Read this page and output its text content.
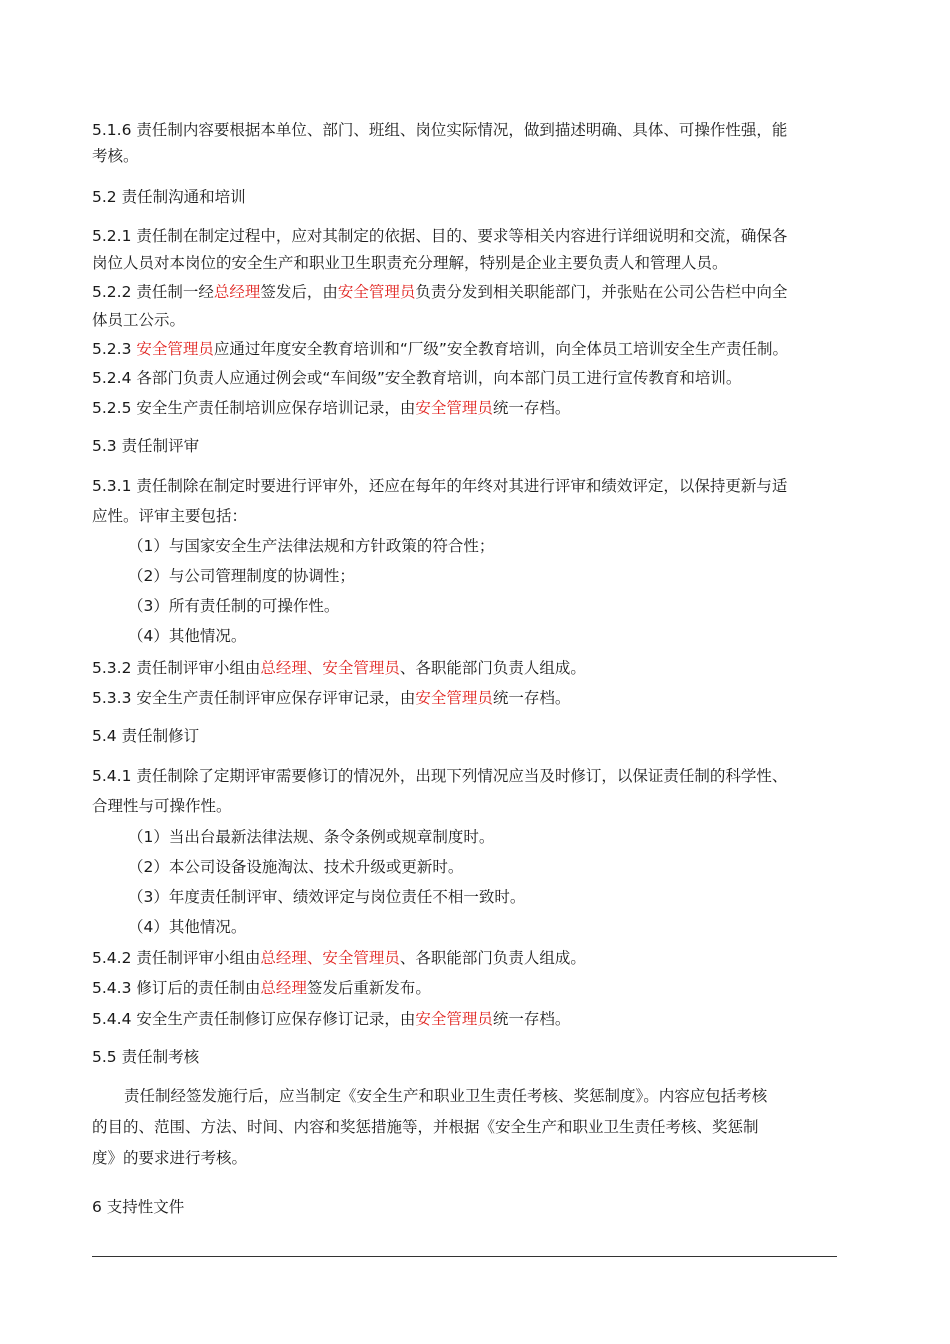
5.1.6 责任制内容要根据本单位、部门、班组、岗位实际情况，做到描述明确、具体、可操作性强，能

考核。

5.2 责任制沟通和培训

5.2.1 责任制在制定过程中，应对其制定的依据、目的、要求等相关内容进行详细说明和交流，确保各

岗位人员对本岗位的安全生产和职业卫生职责充分理解，特别是企业主要负责人和管理人员。

5.2.2 责任制一经总经理签发后，由安全管理员负责分发到相关职能部门，并张贴在公司公告栏中向全

体员工公示。

5.2.3 安全管理员应通过年度安全教育培训和“厂级”安全教育培训，向全体员工培训安全生产责任制。

5.2.4 各部门负责人应通过例会或“车间级”安全教育培训，向本部门员工进行宣传教育和培训。

5.2.5 安全生产责任制培训应保存培训记录，由安全管理员统一存档。

5.3 责任制评审

5.3.1 责任制除在制定时要进行评审外，还应在每年的年终对其进行评审和绩效评定，以保持更新与适

应性。评审主要包括：

（1）与国家安全生产法律法规和方针政策的符合性；

（2）与公司管理制度的协调性；

（3）所有责任制的可操作性。

（4）其他情况。

5.3.2 责任制评审小组由总经理、安全管理员、各职能部门负责人组成。

5.3.3 安全生产责任制评审应保存评审记录，由安全管理员统一存档。

5.4 责任制修订

5.4.1 责任制除了定期评审需要修订的情况外，出现下列情况应当及时修订，以保证责任制的科学性、

合理性与可操作性。

（1）当出台最新法律法规、条令条例或规章制度时。

（2）本公司设备设施淘汰、技术升级或更新时。

（3）年度责任制评审、绩效评定与岗位责任不相一致时。

（4）其他情况。

5.4.2 责任制评审小组由总经理、安全管理员、各职能部门负责人组成。

5.4.3 修订后的责任制由总经理签发后重新发布。

5.4.4 安全生产责任制修订应保存修订记录，由安全管理员统一存档。

5.5 责任制考核

责任制经签发施行后，应当制定《安全生产和职业卫生责任考核、奖惩制度》。内容应包括考核

的目的、范围、方法、时间、内容和奖惩措施等，并根据《安全生产和职业卫生责任考核、奖惩制

度》的要求进行考核。

6 支持性文件
